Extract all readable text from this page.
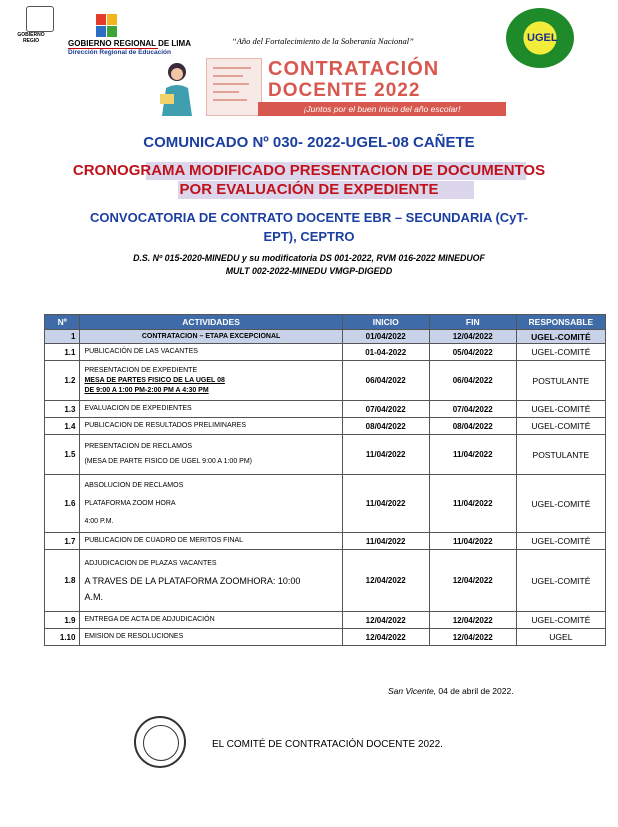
GOBIERNO REGIO	GOBIERNO REGIONAL DE LIMA
Dirección Regional de Educación
“Año del Fortalecimiento de la Soberanía Nacional”	UGEL
CONTRATACIÓN
DOCENTE 2022
¡Juntos por el buen inicio del año escolar!
COMUNICADO Nº 030- 2022-UGEL-08 CAÑETE
CRONOGRAMA MODIFICADO PRESENTACION DE DOCUMENTOS
POR EVALUACIÓN DE EXPEDIENTE
CONVOCATORIA DE CONTRATO DOCENTE EBR – SECUNDARIA (CyT-
EPT), CEPTRO
D.S. Nº 015-2020-MINEDU y su modificatoria DS 001-2022, RVM 016-2022 MINEDUOF
MULT 002-2022-MINEDU VMGP-DIGEDD
Nº	ACTIVIDADES	INICIO	FIN	RESPONSABLE
1	CONTRATACION – ETAPA EXCEPCIONAL	01/04/2022	12/04/2022	UGEL-COMITÉ
1.1	PUBLICACIÓN DE LAS VACANTES	01-04-2022	05/04/2022	UGEL-COMITÉ
1.2	PRESENTACION DE EXPEDIENTE
MESA DE PARTES FISICO DE LA UGEL 08
DE 9:00 A 1:00 PM-2:00 PM A 4:30 PM	06/04/2022	06/04/2022	POSTULANTE
1.3	EVALUACION DE EXPEDIENTES	07/04/2022	07/04/2022	UGEL-COMITÉ
1.4	PUBLICACION DE RESULTADOS PRELIMINARES	08/04/2022	08/04/2022	UGEL-COMITÉ
1.5	PRESENTACION DE RECLAMOS
(MESA DE PARTE FISICO DE UGEL 9:00 A 1:00 PM)	11/04/2022	11/04/2022	POSTULANTE
1.6	ABSOLUCION DE RECLAMOS
PLATAFORMA ZOOM HORA
4:00 P.M.	11/04/2022	11/04/2022	UGEL-COMITÉ
1.7	PUBLICACION DE CUADRO DE MERITOS FINAL	11/04/2022	11/04/2022	UGEL-COMITÉ
1.8	ADJUDICACION DE PLAZAS VACANTES
A TRAVES DE LA PLATAFORMA ZOOMHORA: 10:00
A.M.	12/04/2022	12/04/2022	UGEL-COMITÉ
1.9	ENTREGA DE ACTA DE ADJUDICACIÓN	12/04/2022	12/04/2022	UGEL-COMITÉ
1.10	EMISION DE RESOLUCIONES	12/04/2022	12/04/2022	UGEL
San Vicente, 04 de abril de 2022.
EL COMITÉ DE CONTRATACIÓN DOCENTE 2022.
